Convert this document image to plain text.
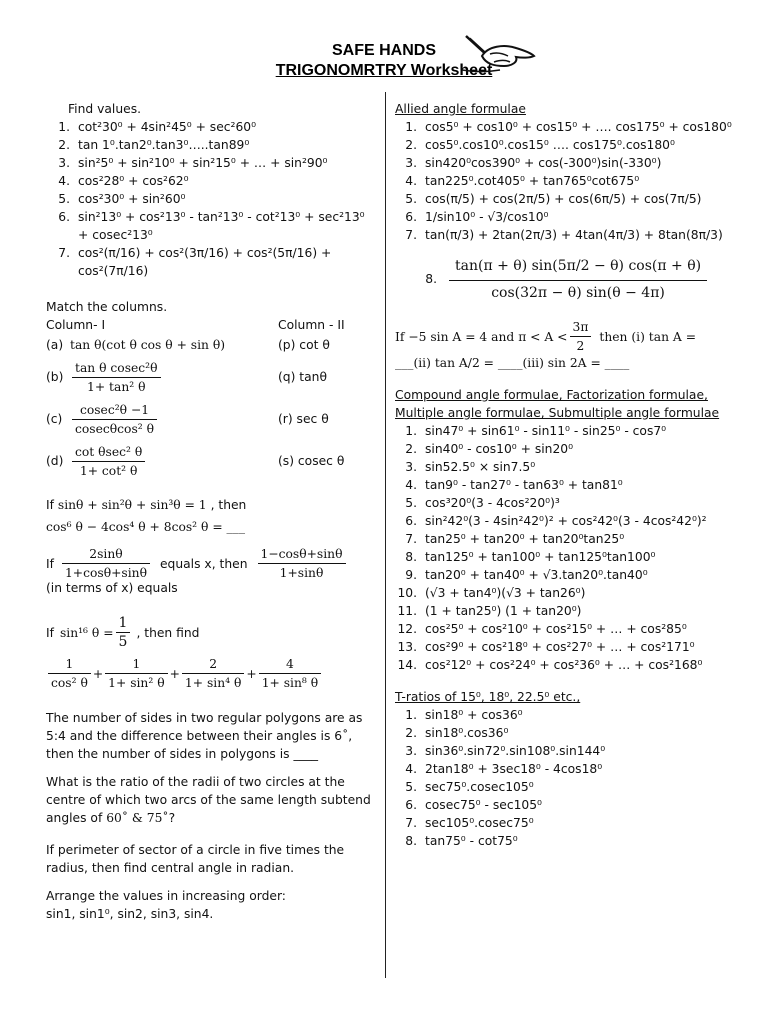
SAFE HANDS
TRIGONOMRTRY Worksheet
Find values.
1. cot²30⁰ + 4sin²45⁰ + sec²60⁰
2. tan 1⁰.tan2⁰.tan3⁰…..tan89⁰
3. sin²5⁰ + sin²10⁰ + sin²15⁰ + … + sin²90⁰
4. cos²28⁰ + cos²62⁰
5. cos²30⁰ + sin²60⁰
6. sin²13⁰ + cos²13⁰ - tan²13⁰ - cot²13⁰ + sec²13⁰ + cosec²13⁰
7. cos²(π/16) + cos²(3π/16) + cos²(5π/16) + cos²(7π/16)
Match the columns.
Column- I	Column - II
(a) tan θ(cot θ cos θ + sin θ)	(p) cot θ
$(b) \frac{\text{tan θ cosec²θ}}{\text{1+ tan² θ}}$	(q) tanθ
$(c) \frac{\text{cosec²θ −1}}{\text{cosecθcos² θ}}$	(r) sec θ
$(d) \frac{\text{cot θsec² θ}}{\text{1+ cot² θ}}$	(s) cosec θ
If sinθ + sin²θ + sin³θ = 1 , then
cos⁶ θ − 4cos⁴ θ + 8cos² θ = ___
If $\frac{2\sin\theta}{1+\cos\theta+\sin\theta}$ equals x, then $\frac{1-\cos\theta+\sin\theta}{1+\sin\theta}$
(in terms of x) equals
If sin¹⁶ $\theta = \frac{1}{5}$ , then find
$\frac{1}{\text{cos² θ}} + \frac{1}{\text{1+ sin² θ}} + \frac{2}{\text{1+ sin⁴ θ}} + \frac{4}{\text{1+ sin⁸ θ}}$
The number of sides in two regular polygons are as 5:4 and the difference between their angles is 6˚, then the number of sides in polygons is ____
What is the ratio of the radii of two circles at the centre of which two arcs of the same length subtend angles of 60˚ & 75˚?
If perimeter of sector of a circle in five times the radius, then find central angle in radian.
Arrange the values in increasing order:
sin1, sin1⁰, sin2, sin3, sin4.
Allied angle formulae
1. cos5⁰ + cos10⁰ + cos15⁰ + …. cos175⁰ + cos180⁰
2. cos5⁰.cos10⁰.cos15⁰ …. cos175⁰.cos180⁰
3. sin420⁰cos390⁰ + cos(-300⁰)sin(-330⁰)
4. tan225⁰.cot405⁰ + tan765⁰cot675⁰
5. cos(π/5) + cos(2π/5) + cos(6π/5) + cos(7π/5)
6. 1/sin10⁰ - √3/cos10⁰
7. tan(π/3) + 2tan(2π/3) + 4tan(4π/3) + 8tan(8π/3)
8. $\frac{\tan(\pi + \theta) \sin(5\pi/2 - \theta) \cos(\pi + \theta)}{\cos(32\pi - \theta) \sin(\theta - 4\pi)}$
If −5 sin A = 4 and $\pi < A < \frac{3\pi}{2}$ then (i) tan A =
___(ii) tan A/2 = ____(iii) sin 2A = ____
Compound angle formulae, Factorization formulae, Multiple angle formulae, Submultiple angle formulae
1. sin47⁰ + sin61⁰ - sin11⁰ - sin25⁰ - cos7⁰
2. sin40⁰ - cos10⁰ + sin20⁰
3. sin52.5⁰ × sin7.5⁰
4. tan9⁰ - tan27⁰ - tan63⁰ + tan81⁰
5. cos³20⁰(3 - 4cos²20⁰)³
6. sin²42⁰(3 - 4sin²42⁰)² + cos²42⁰(3 - 4cos²42⁰)²
7. tan25⁰ + tan20⁰ + tan20⁰tan25⁰
8. tan125⁰ + tan100⁰ + tan125⁰tan100⁰
9. tan20⁰ + tan40⁰ + √3.tan20⁰.tan40⁰
10. (√3 + tan4⁰)(√3 + tan26⁰)
11. (1 + tan25⁰) (1 + tan20⁰)
12. cos²5⁰ + cos²10⁰ + cos²15⁰ + … + cos²85⁰
13. cos²9⁰ + cos²18⁰ + cos²27⁰ + … + cos²171⁰
14. cos²12⁰ + cos²24⁰ + cos²36⁰ + … + cos²168⁰
T-ratios of 15⁰, 18⁰, 22.5⁰ etc.,
1. sin18⁰ + cos36⁰
2. sin18⁰.cos36⁰
3. sin36⁰.sin72⁰.sin108⁰.sin144⁰
4. 2tan18⁰ + 3sec18⁰ - 4cos18⁰
5. sec75⁰.cosec105⁰
6. cosec75⁰ - sec105⁰
7. sec105⁰.cosec75⁰
8. tan75⁰ - cot75⁰
